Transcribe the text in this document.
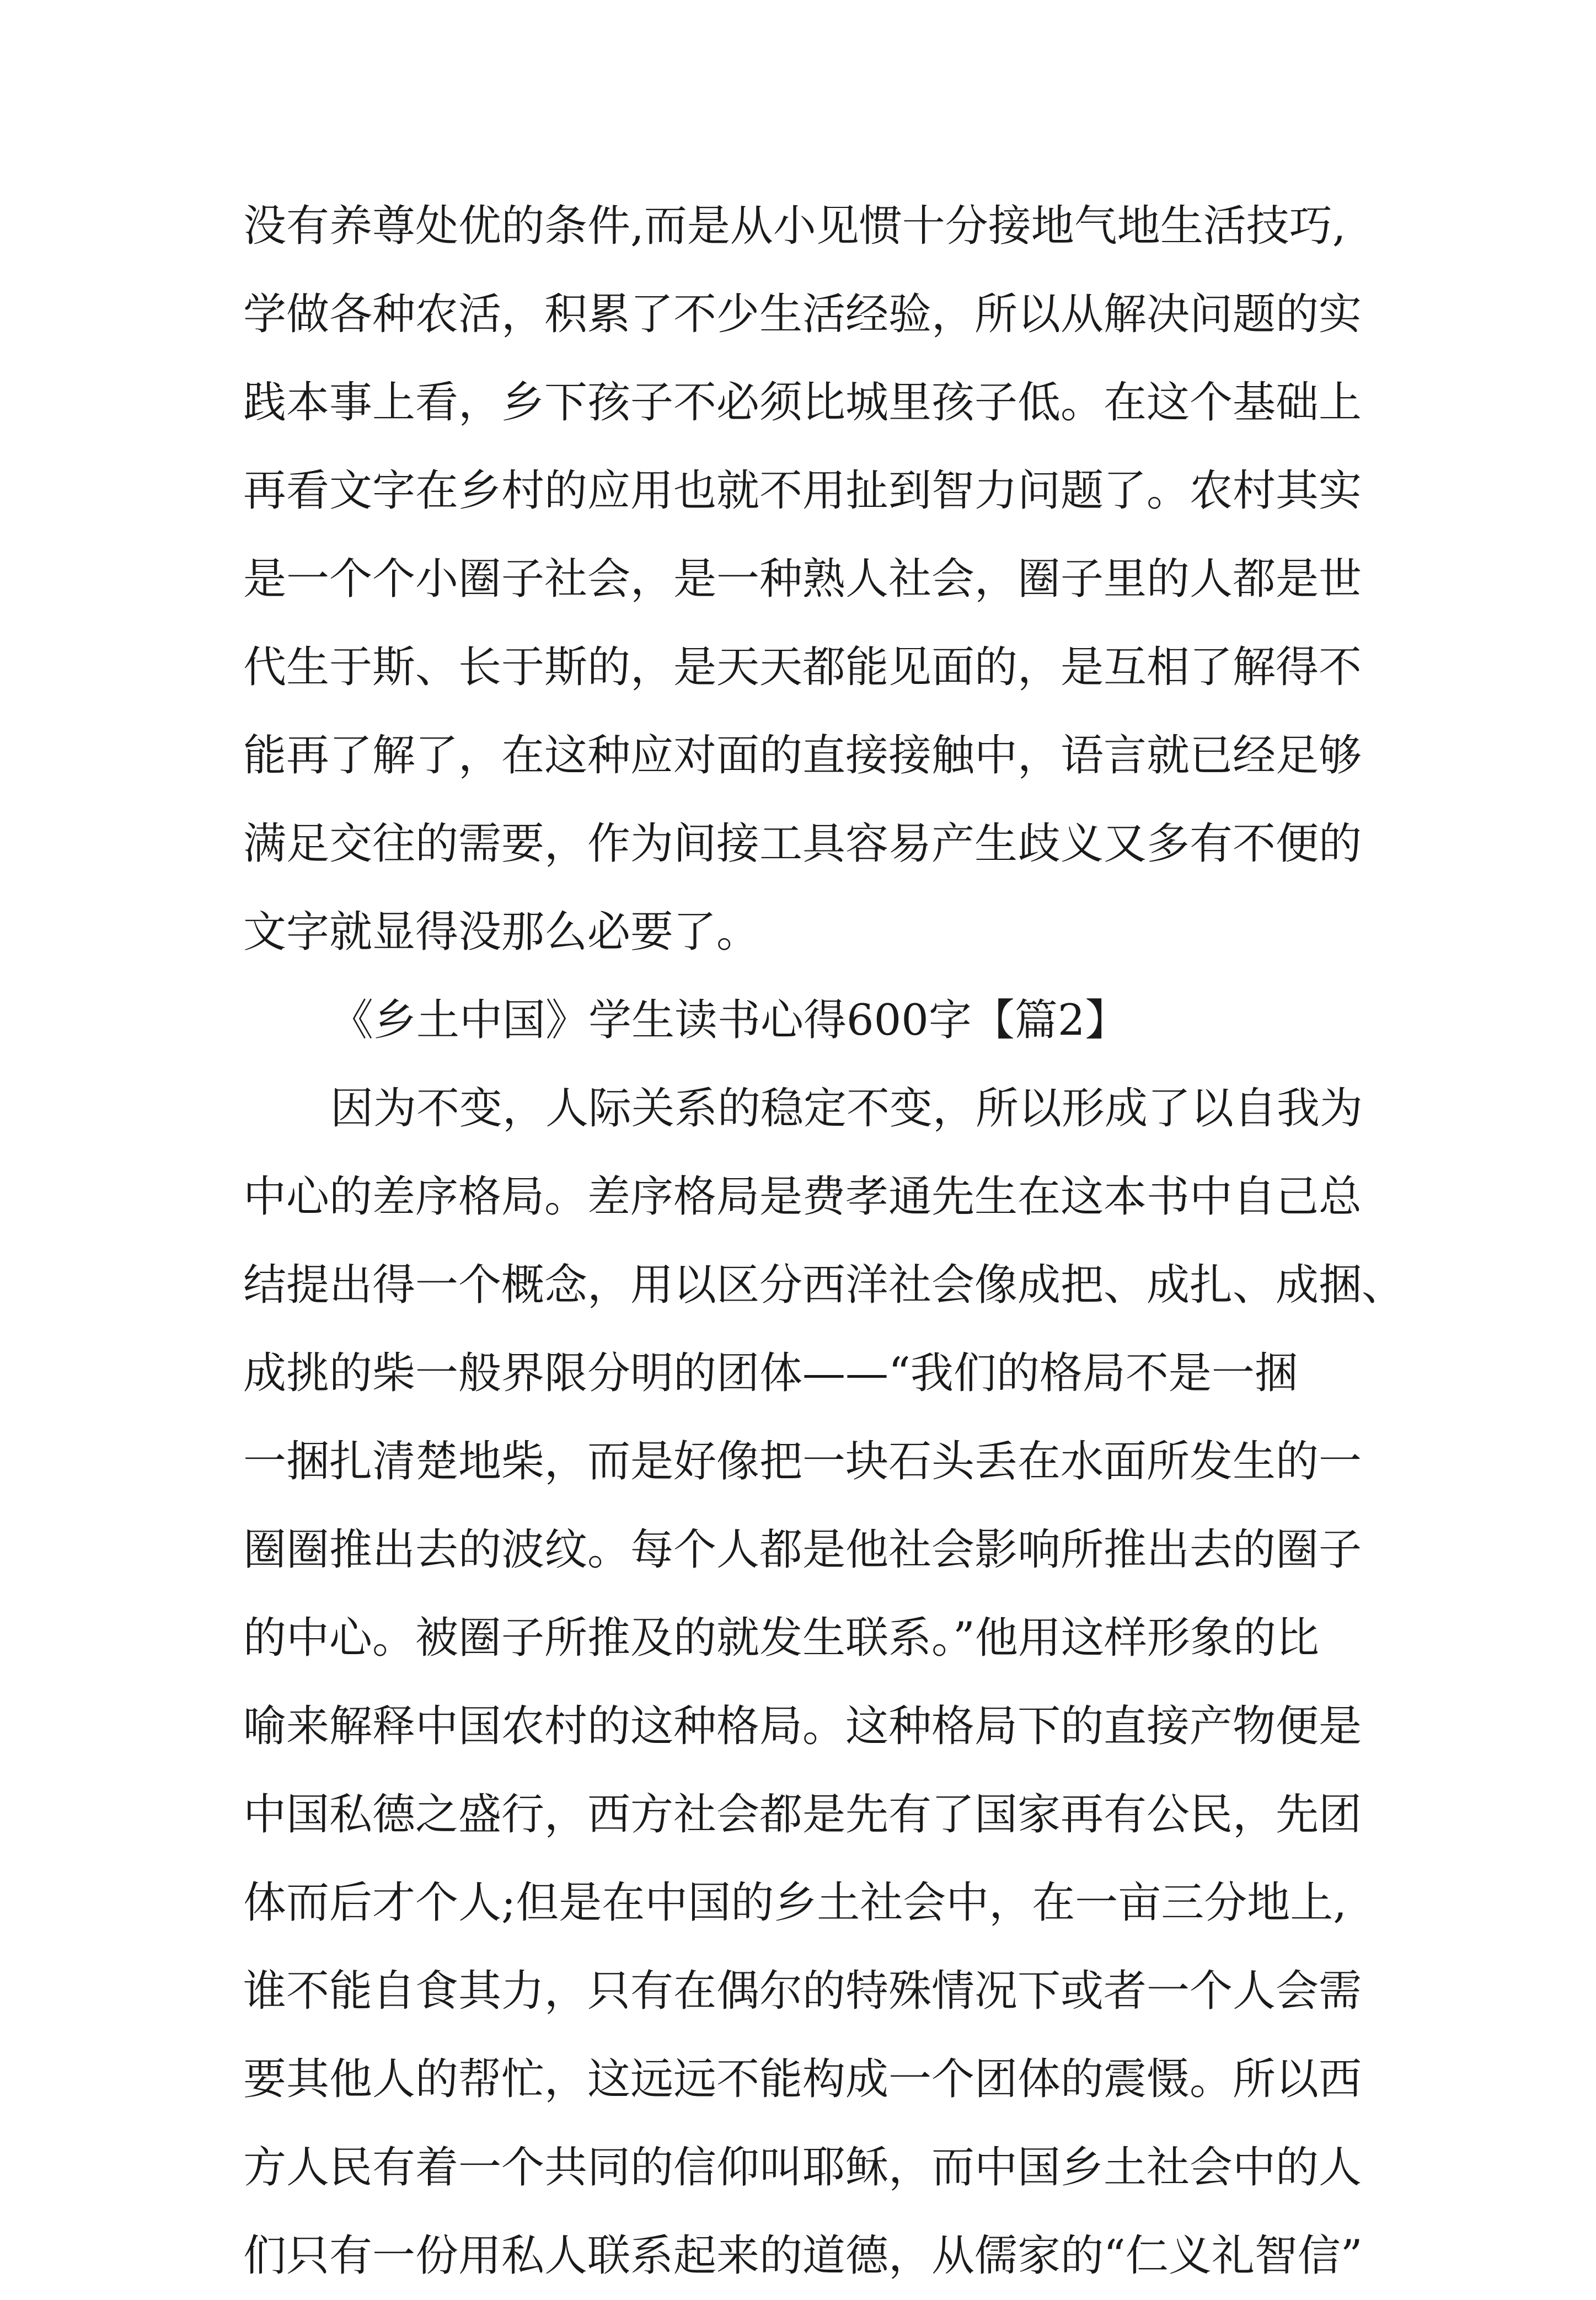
没有养尊处优的条件,而是从小见惯十分接地气地生活技巧,
学做各种农活，积累了不少生活经验，所以从解决问题的实
践本事上看，乡下孩子不必须比城里孩子低。在这个基础上
再看文字在乡村的应用也就不用扯到智力问题了。农村其实
是一个个小圈子社会，是一种熟人社会，圈子里的人都是世
代生于斯、长于斯的，是天天都能见面的，是互相了解得不
能再了解了，在这种应对面的直接接触中，语言就已经足够
满足交往的需要，作为间接工具容易产生歧义又多有不便的
文字就显得没那么必要了。
《乡土中国》学生读书心得600字【篇2】
因为不变，人际关系的稳定不变，所以形成了以自我为
中心的差序格局。差序格局是费孝通先生在这本书中自己总
结提出得一个概念，用以区分西洋社会像成把、成扎、成捆、
成挑的柴一般界限分明的团体——“我们的格局不是一捆
一捆扎清楚地柴，而是好像把一块石头丢在水面所发生的一
圈圈推出去的波纹。每个人都是他社会影响所推出去的圈子
的中心。被圈子所推及的就发生联系。”他用这样形象的比
喻来解释中国农村的这种格局。这种格局下的直接产物便是
中国私德之盛行，西方社会都是先有了国家再有公民，先团
体而后才个人;但是在中国的乡土社会中，在一亩三分地上,
谁不能自食其力，只有在偶尔的特殊情况下或者一个人会需
要其他人的帮忙，这远远不能构成一个团体的震慑。所以西
方人民有着一个共同的信仰叫耶稣，而中国乡土社会中的人
们只有一份用私人联系起来的道德，从儒家的“仁义礼智信”
